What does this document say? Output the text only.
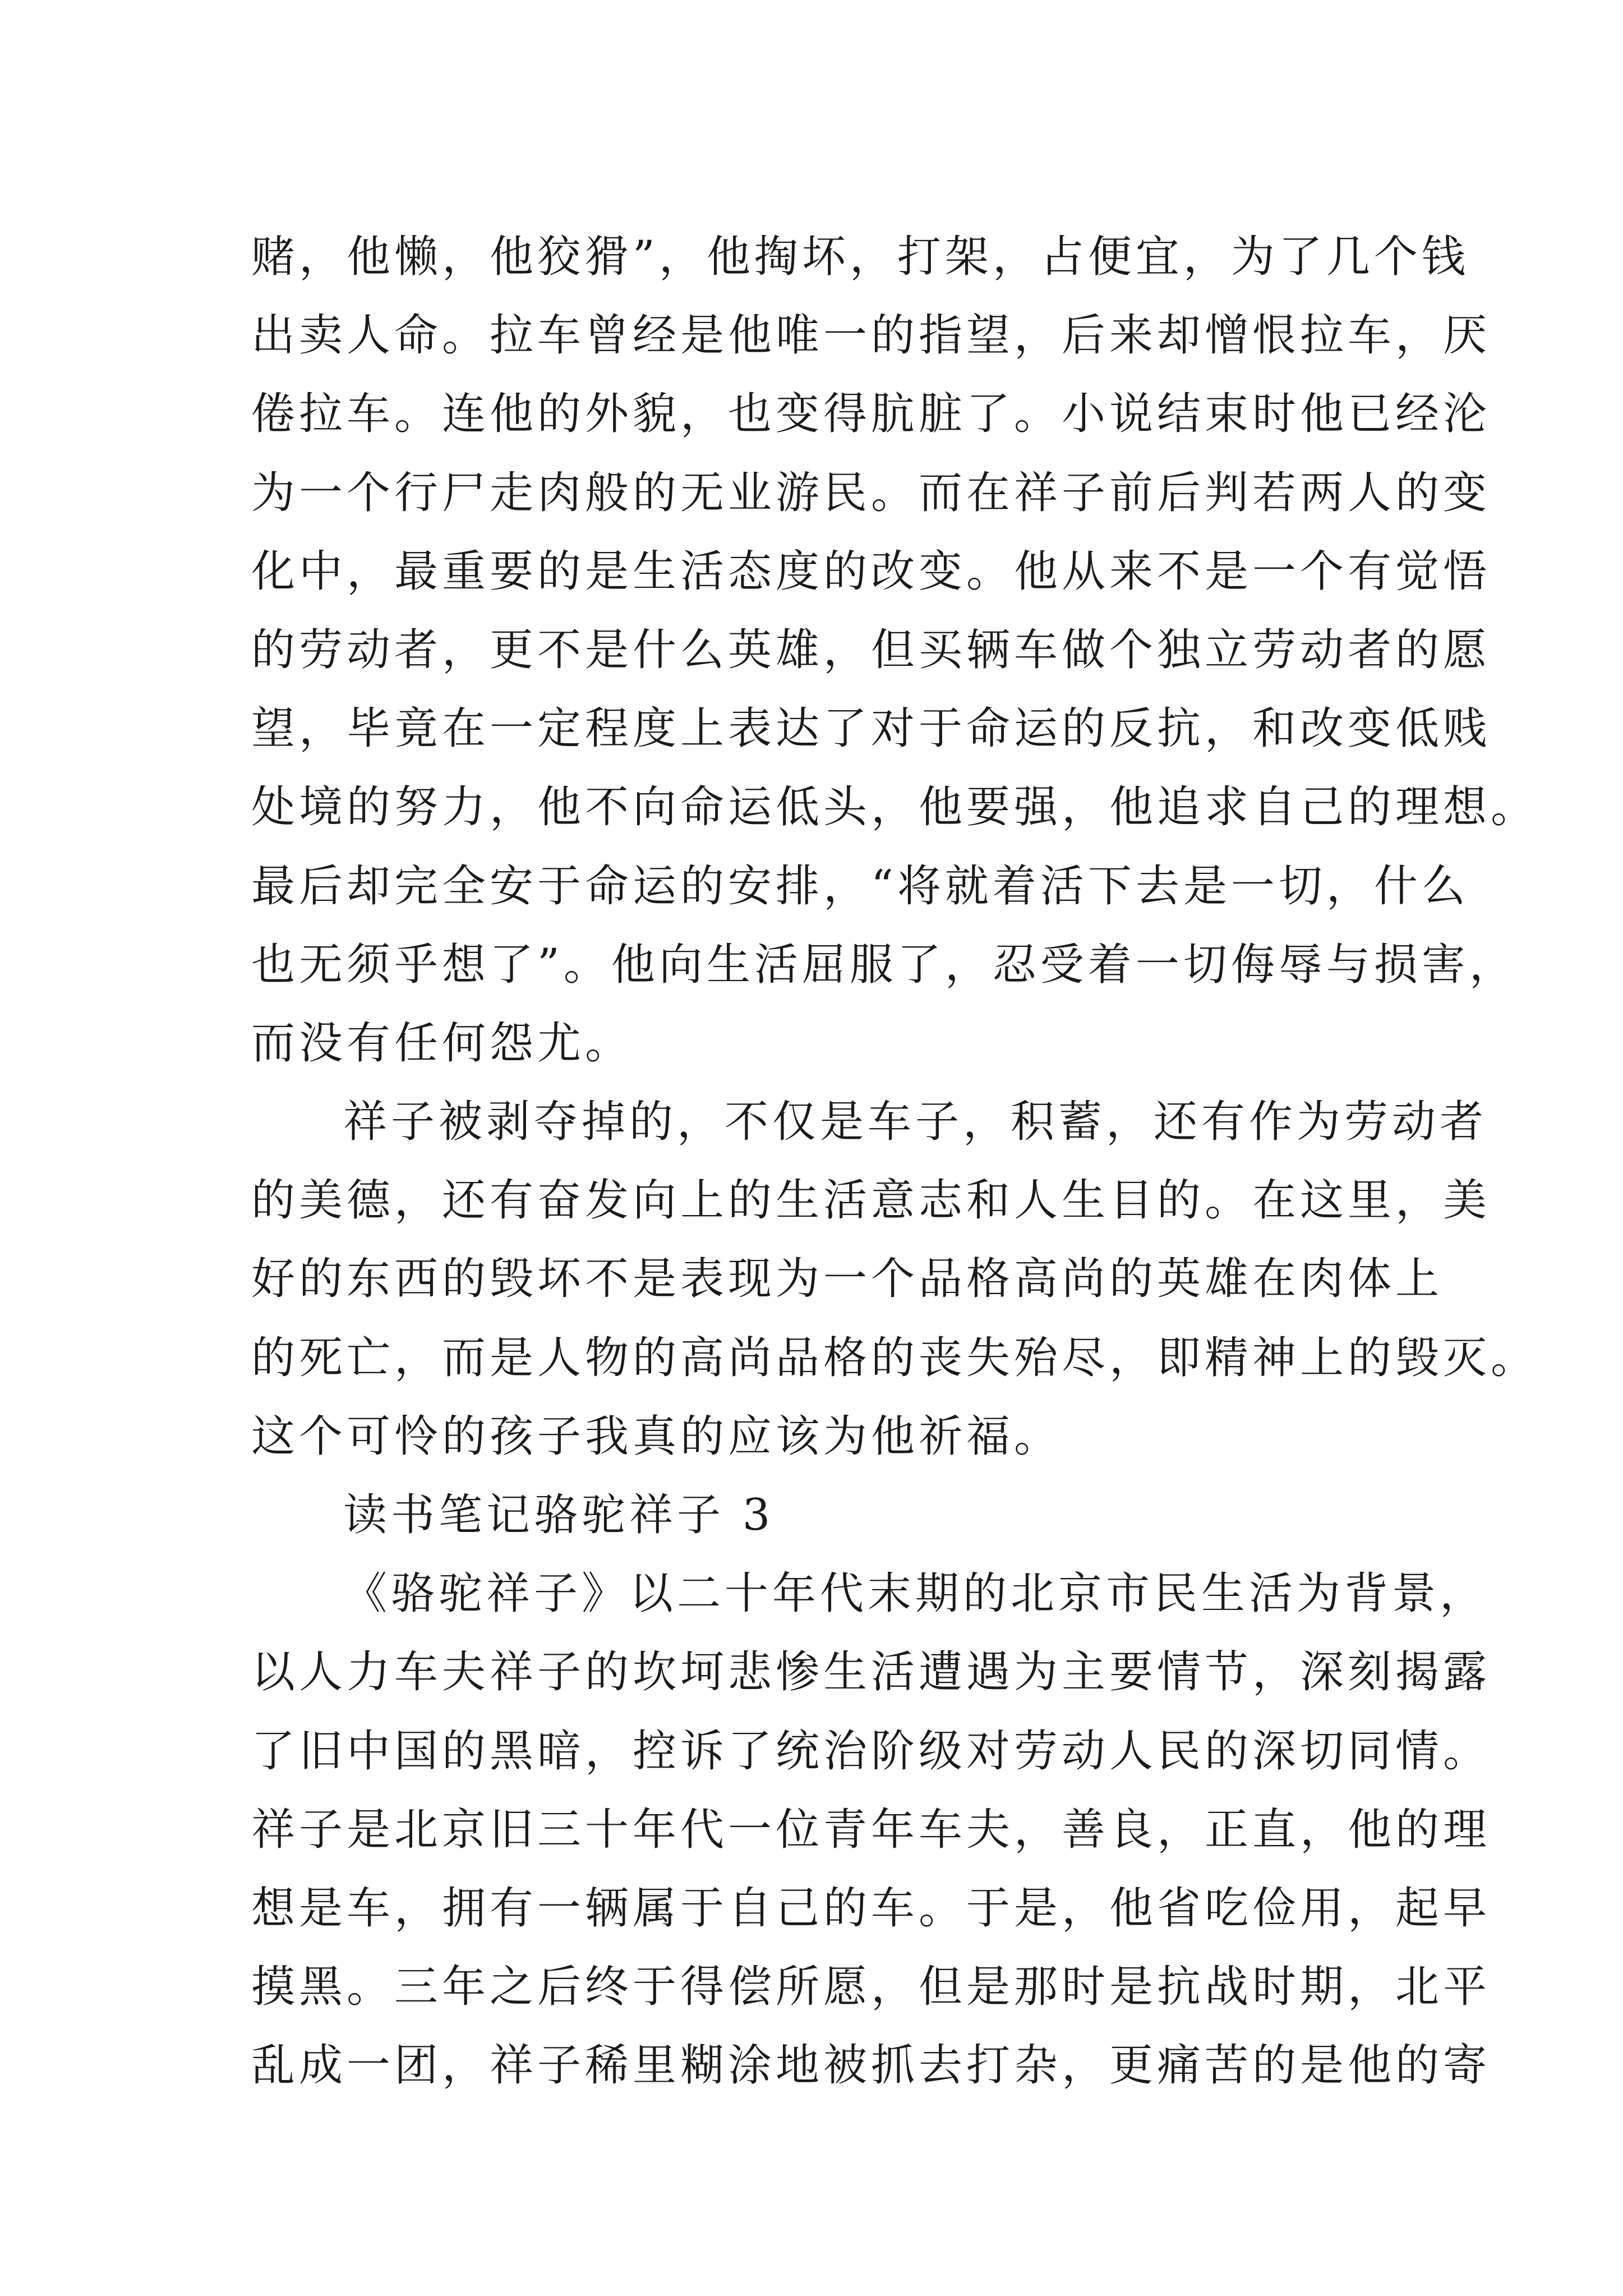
赌，他懒，他狡猾”，他掏坏，打架，占便宜，为了几个钱
出卖人命。拉车曾经是他唯一的指望，后来却憎恨拉车，厌
倦拉车。连他的外貌，也变得肮脏了。小说结束时他已经沦
为一个行尸走肉般的无业游民。而在祥子前后判若两人的变
化中，最重要的是生活态度的改变。他从来不是一个有觉悟
的劳动者，更不是什么英雄，但买辆车做个独立劳动者的愿
望，毕竟在一定程度上表达了对于命运的反抗，和改变低贱
处境的努力，他不向命运低头，他要强，他追求自己的理想。
最后却完全安于命运的安排，“将就着活下去是一切，什么
也无须乎想了”。他向生活屈服了，忍受着一切侮辱与损害，
而没有任何怨尤。
祥子被剥夺掉的，不仅是车子，积蓄，还有作为劳动者
的美德，还有奋发向上的生活意志和人生目的。在这里，美
好的东西的毁坏不是表现为一个品格高尚的英雄在肉体上
的死亡，而是人物的高尚品格的丧失殆尽，即精神上的毁灭。
这个可怜的孩子我真的应该为他祈福。
读书笔记骆驼祥子 3
《骆驼祥子》以二十年代末期的北京市民生活为背景，
以人力车夫祥子的坎坷悲惨生活遭遇为主要情节，深刻揭露
了旧中国的黑暗，控诉了统治阶级对劳动人民的深切同情。
祥子是北京旧三十年代一位青年车夫，善良，正直，他的理
想是车，拥有一辆属于自己的车。于是，他省吃俭用，起早
摸黑。三年之后终于得偿所愿，但是那时是抗战时期，北平
乱成一团，祥子稀里糊涂地被抓去打杂，更痛苦的是他的寄
